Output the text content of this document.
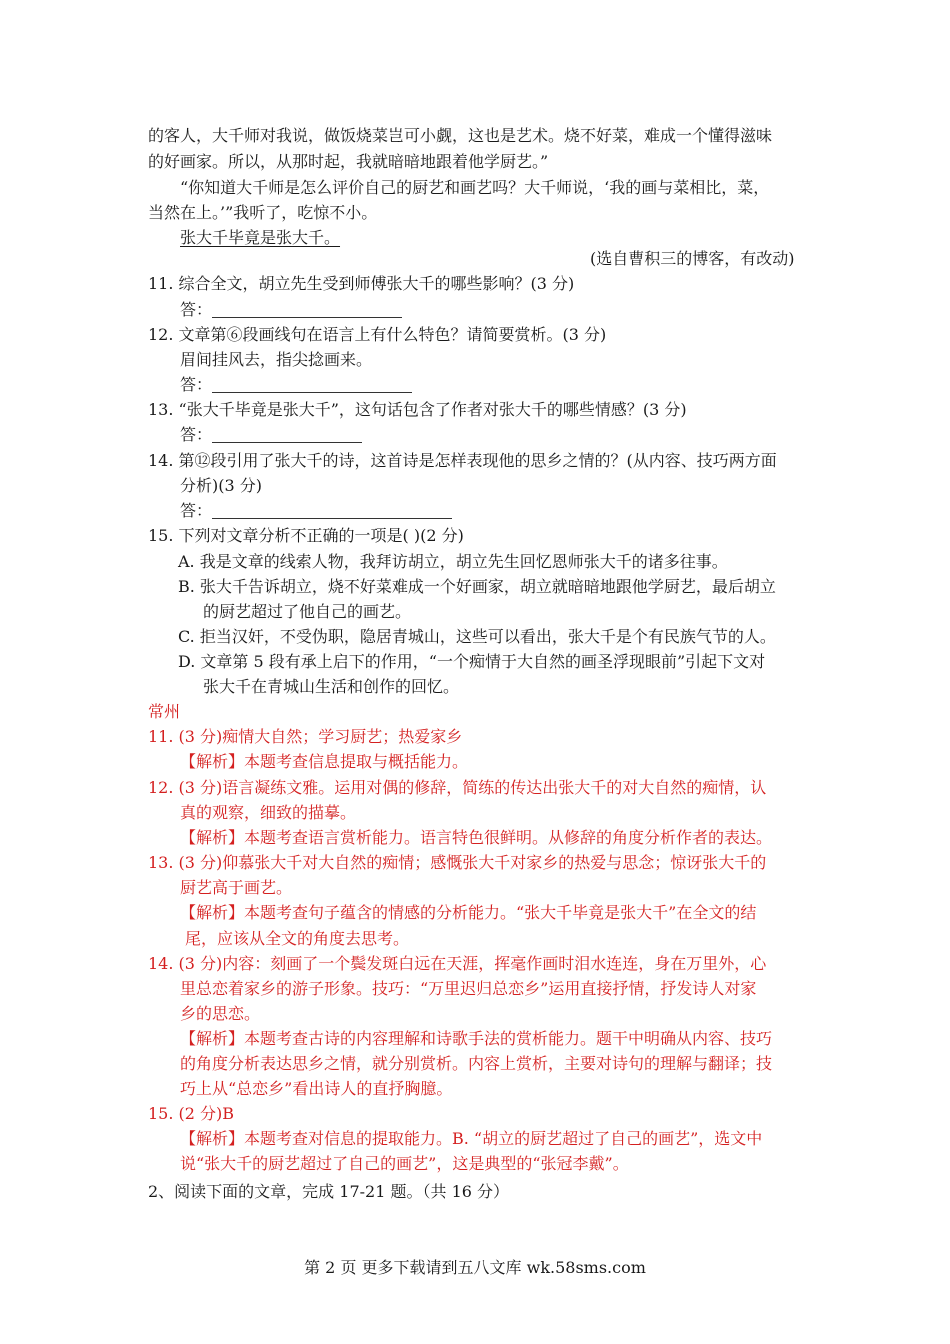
的客人，大千师对我说，做饭烧菜岂可小觑，这也是艺术。烧不好菜，难成一个懂得滋味
的好画家。所以，从那时起，我就暗暗地跟着他学厨艺。”
“你知道大千师是怎么评价自己的厨艺和画艺吗？大千师说，‘我的画与菜相比，菜，
当然在上。’”我听了，吃惊不小。
张大千毕竟是张大千。
(选自曹积三的博客，有改动)
11. 综合全文，胡立先生受到师傅张大千的哪些影响？(3 分)
答：
12. 文章第⑥段画线句在语言上有什么特色？请简要赏析。(3 分)
眉间挂风去，指尖捻画来。
答：
13. “张大千毕竟是张大千”，这句话包含了作者对张大千的哪些情感？(3 分)
答：
14. 第⑫段引用了张大千的诗，这首诗是怎样表现他的思乡之情的？(从内容、技巧两方面
分析)(3 分)
答：
15. 下列对文章分析不正确的一项是( )(2 分)
A. 我是文章的线索人物，我拜访胡立，胡立先生回忆恩师张大千的诸多往事。
B. 张大千告诉胡立，烧不好菜难成一个好画家，胡立就暗暗地跟他学厨艺，最后胡立
的厨艺超过了他自己的画艺。
C. 拒当汉奸，不受伪职，隐居青城山，这些可以看出，张大千是个有民族气节的人。
D. 文章第 5 段有承上启下的作用，“一个痴情于大自然的画圣浮现眼前”引起下文对
张大千在青城山生活和创作的回忆。
常州
11. (3 分)痴情大自然；学习厨艺；热爱家乡
【解析】本题考查信息提取与概括能力。
12. (3 分)语言凝练文雅。运用对偶的修辞，简练的传达出张大千的对大自然的痴情，认
真的观察，细致的描摹。
【解析】本题考查语言赏析能力。语言特色很鲜明。从修辞的角度分析作者的表达。
13. (3 分)仰慕张大千对大自然的痴情；感慨张大千对家乡的热爱与思念；惊讶张大千的
厨艺高于画艺。
【解析】本题考查句子蕴含的情感的分析能力。“张大千毕竟是张大千”在全文的结
尾，应该从全文的角度去思考。
14. (3 分)内容：刻画了一个鬓发斑白远在天涯，挥毫作画时泪水连连，身在万里外，心
里总恋着家乡的游子形象。技巧：“万里迟归总恋乡”运用直接抒情，抒发诗人对家
乡的思恋。
【解析】本题考查古诗的内容理解和诗歌手法的赏析能力。题干中明确从内容、技巧
的角度分析表达思乡之情，就分别赏析。内容上赏析，主要对诗句的理解与翻译；技
巧上从“总恋乡”看出诗人的直抒胸臆。
15. (2 分)B
【解析】本题考查对信息的提取能力。B. “胡立的厨艺超过了自己的画艺”，选文中
说“张大千的厨艺超过了自己的画艺”，这是典型的“张冠李戴”。
2、阅读下面的文章，完成 17-21 题。（共 16 分）
第 2 页 更多下载请到五八文库 wk.58sms.com
